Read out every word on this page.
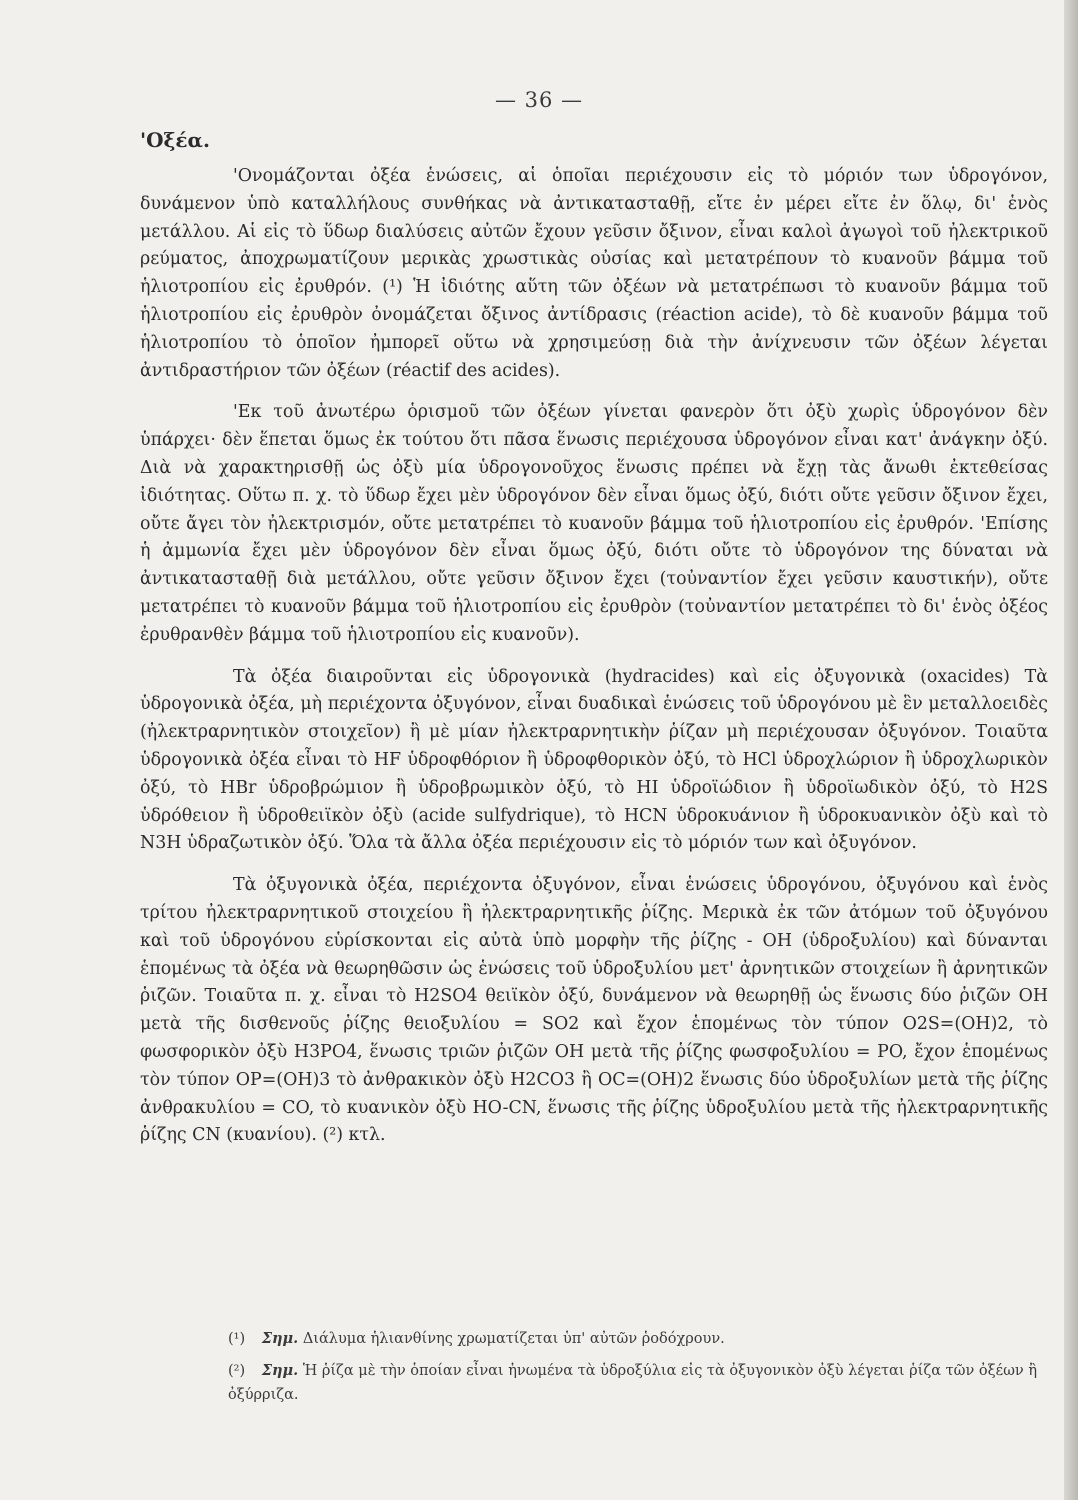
— 36 —
'Οξέα.

'Ονομάζονται ὀξέα ἑνώσεις, αἱ ὁποῖαι περιέχουσιν εἰς τὸ μόριόν των ὑδρογόνον, δυνάμενον ὑπὸ καταλλήλους συνθήκας νὰ ἀντικατασταθῇ, εἴτε ἐν μέρει εἴτε ἐν ὅλῳ, δι' ἑνὸς μετάλλου. Αἱ εἰς τὸ ὕδωρ διαλύσεις αὐτῶν ἔχουν γεῦσιν ὄξινον, εἶναι καλοὶ ἀγωγοὶ τοῦ ἠλεκτρικοῦ ρεύματος, ἀποχρωματίζουν μερικὰς χρωστικὰς οὐσίας καὶ μετατρέπουν τὸ κυανοῦν βάμμα τοῦ ἡλιοτροπίου εἰς ἐρυθρόν. (¹) Ἡ ἰδιότης αὕτη τῶν ὀξέων νὰ μετατρέπωσι τὸ κυανοῦν βάμμα τοῦ ἡλιοτροπίου εἰς ἐρυθρὸν ὀνομάζεται ὄξινος ἀντίδρασις (réaction acide), τὸ δὲ κυανοῦν βάμμα τοῦ ἡλιοτροπίου τὸ ὁποῖον ἠμπορεῖ οὕτω νὰ χρησιμεύσῃ διὰ τὴν ἀνίχνευσιν τῶν ὀξέων λέγεται ἀντιδραστήριον τῶν ὀξέων (réactif des acides).

'Εκ τοῦ ἀνωτέρω ὁρισμοῦ τῶν ὀξέων γίνεται φανερὸν ὅτι ὀξὺ χωρὶς ὑδρογόνον δὲν ὑπάρχει· δὲν ἕπεται ὅμως ἐκ τούτου ὅτι πᾶσα ἕνωσις περιέχουσα ὑδρογόνον εἶναι κατ' ἀνάγκην ὀξύ. Διὰ νὰ χαρακτηρισθῇ ὡς ὀξὺ μία ὑδρογονοῦχος ἕνωσις πρέπει νὰ ἔχῃ τὰς ἄνωθι ἐκτεθείσας ἰδιότητας. Οὕτω π. χ. τὸ ὕδωρ ἔχει μὲν ὑδρογόνον δὲν εἶναι ὅμως ὀξύ, διότι οὔτε γεῦσιν ὄξινον ἔχει, οὔτε ἄγει τὸν ἠλεκτρισμόν, οὔτε μετατρέπει τὸ κυανοῦν βάμμα τοῦ ἡλιοτροπίου εἰς ἐρυθρόν. 'Επίσης ἡ ἀμμωνία ἔχει μὲν ὑδρογόνον δὲν εἶναι ὅμως ὀξύ, διότι οὔτε τὸ ὑδρογόνον της δύναται νὰ ἀντικατασταθῇ διὰ μετάλλου, οὔτε γεῦσιν ὄξινον ἔχει (τοὐναντίον ἔχει γεῦσιν καυστικήν), οὔτε μετατρέπει τὸ κυανοῦν βάμμα τοῦ ἡλιοτροπίου εἰς ἐρυθρὸν (τοὐναντίον μετατρέπει τὸ δι' ἑνὸς ὀξέος ἐρυθρανθὲν βάμμα τοῦ ἡλιοτροπίου εἰς κυανοῦν).

Τὰ ὀξέα διαιροῦνται εἰς ὑδρογονικὰ (hydracides) καὶ εἰς ὀξυγονικὰ (oxacides) Τὰ ὑδρογονικὰ ὀξέα, μὴ περιέχοντα ὀξυγόνον, εἶναι δυαδικαὶ ἑνώσεις τοῦ ὑδρογόνου μὲ ἓν μεταλλοειδὲς (ἠλεκτραρνητικὸν στοιχεῖον) ἢ μὲ μίαν ἠλεκτραρνητικὴν ῥίζαν μὴ περιέχουσαν ὀξυγόνον. Τοιαῦτα ὑδρογονικὰ ὀξέα εἶναι τὸ HF ὑδροφθόριον ἢ ὑδροφθορικὸν ὀξύ, τὸ HCl ὑδροχλώριον ἢ ὑδροχλωρικὸν ὀξύ, τὸ HBr ὑδροβρώμιον ἢ ὑδροβρωμικὸν ὀξύ, τὸ HI ὑδροϊώδιον ἢ ὑδροϊωδικὸν ὀξύ, τὸ H2S ὑδρόθειον ἢ ὑδροθειϊκὸν ὀξὺ (acide sulfydrique), τὸ HCN ὑδροκυάνιον ἢ ὑδροκυανικὸν ὀξὺ καὶ τὸ N3H ὑδραζωτικὸν ὀξύ. Ὅλα τὰ ἄλλα ὀξέα περιέχουσιν εἰς τὸ μόριόν των καὶ ὀξυγόνον.

Τὰ ὀξυγονικὰ ὀξέα, περιέχοντα ὀξυγόνον, εἶναι ἑνώσεις ὑδρογόνου, ὀξυγόνου καὶ ἑνὸς τρίτου ἠλεκτραρνητικοῦ στοιχείου ἢ ἠλεκτραρνητικῆς ῥίζης. Μερικὰ ἐκ τῶν ἀτόμων τοῦ ὀξυγόνου καὶ τοῦ ὑδρογόνου εὑρίσκονται εἰς αὐτὰ ὑπὸ μορφὴν τῆς ῥίζης - OH (ὑδροξυλίου) καὶ δύνανται ἑπομένως τὰ ὀξέα νὰ θεωρηθῶσιν ὡς ἑνώσεις τοῦ ὑδροξυλίου μετ' ἀρνητικῶν στοιχείων ἢ ἀρνητικῶν ῥιζῶν. Τοιαῦτα π. χ. εἶναι τὸ H2SO4 θειϊκὸν ὀξύ, δυνάμενον νὰ θεωρηθῇ ὡς ἕνωσις δύο ῥιζῶν OH μετὰ τῆς δισθενοῦς ῥίζης θειοξυλίου = SO2 καὶ ἔχον ἑπομένως τὸν τύπον O2S=(OH)2, τὸ φωσφορικὸν ὀξὺ H3PO4, ἕνωσις τριῶν ῥιζῶν OH μετὰ τῆς ῥίζης φωσφοξυλίου = PO, ἔχον ἑπομένως τὸν τύπον OP=(OH)3 τὸ ἀνθρακικὸν ὀξὺ H2CO3 ἢ OC=(OH)2 ἕνωσις δύο ὑδροξυλίων μετὰ τῆς ῥίζης ἀνθρακυλίου = CO, τὸ κυανικὸν ὀξὺ HO-CN, ἕνωσις τῆς ῥίζης ὑδροξυλίου μετὰ τῆς ἠλεκτραρνητικῆς ῥίζης CN (κυανίου). (²) κτλ.

(¹) Σημ. Διάλυμα ἡλιανθίνης χρωματίζεται ὑπ' αὐτῶν ῥοδόχρουν.

(²) Σημ. Ἡ ῥίζα μὲ τὴν ὁποίαν εἶναι ἡνωμένα τὰ ὑδροξύλια εἰς τὰ ὀξυγονικὸν ὀξὺ λέγεται ῥίζα τῶν ὀξέων ἢ ὀξύρριζα.
